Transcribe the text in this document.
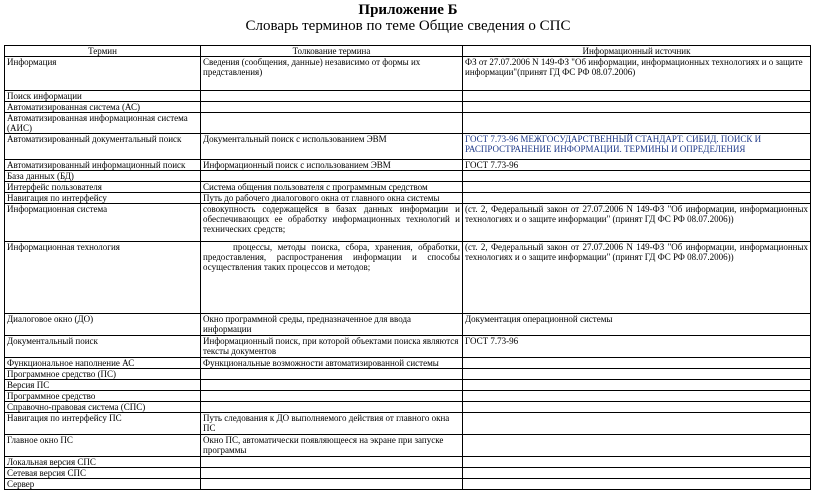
Приложение Б
Словарь терминов по теме Общие сведения о СПС
Термин	Толкование термина	Информационный источник
Информация	Сведения (сообщения, данные) независимо от формы их представления)	ФЗ от 27.07.2006 N 149-ФЗ "Об информации, информационных технологиях и о защите информации"(принят ГД ФС РФ 08.07.2006)
Поиск информации		
Автоматизированная система (АС)		
Автоматизированная информационная система (АИС)		
Автоматизированный документальный поиск	Документальный поиск с использованием ЭВМ	ГОСТ 7.73-96 МЕЖГОСУДАРСТВЕННЫЙ СТАНДАРТ. СИБИД. ПОИСК И РАСПРОСТРАНЕНИЕ ИНФОРМАЦИИ. ТЕРМИНЫ И ОПРЕДЕЛЕНИЯ
Автоматизированный информационный поиск	Информационный поиск с использованием ЭВМ	ГОСТ 7.73-96
База данных (БД)		
Интерфейс пользователя	Система общения пользователя с программным средством	
Навигация по интерфейсу	Путь до рабочего диалогового окна от главного окна системы	
Информационная система	совокупность содержащейся в базах данных информации и обеспечивающих ее обработку информационных технологий и технических средств;	(ст. 2, Федеральный закон от 27.07.2006 N 149-ФЗ "Об информации, информационных технологиях и о защите информации" (принят ГД ФС РФ 08.07.2006))
Информационная технология	процессы, методы поиска, сбора, хранения, обработки, предоставления, распространения информации и способы осуществления таких процессов и методов;	(ст. 2, Федеральный закон от 27.07.2006 N 149-ФЗ "Об информации, информационных технологиях и о защите информации" (принят ГД ФС РФ 08.07.2006))
Диалоговое окно (ДО)	Окно программной среды, предназначенное для ввода информации	Документация операционной системы
Документальный поиск	Информационный поиск, при которой объектами поиска являются тексты документов	ГОСТ 7.73-96
Функциональное наполнение АС	Функциональные возможности автоматизированной системы	
Программное средство (ПС)		
Версия ПС		
Программное средство		
Справочно-правовая система (СПС)		
Навигация по интерфейсу ПС	Путь следования к ДО выполняемого действия от главного окна ПС	
Главное окно ПС	Окно ПС, автоматически появляющееся на экране при запуске программы	
Локальная версия СПС		
Сетевая версия СПС		
Сервер		
